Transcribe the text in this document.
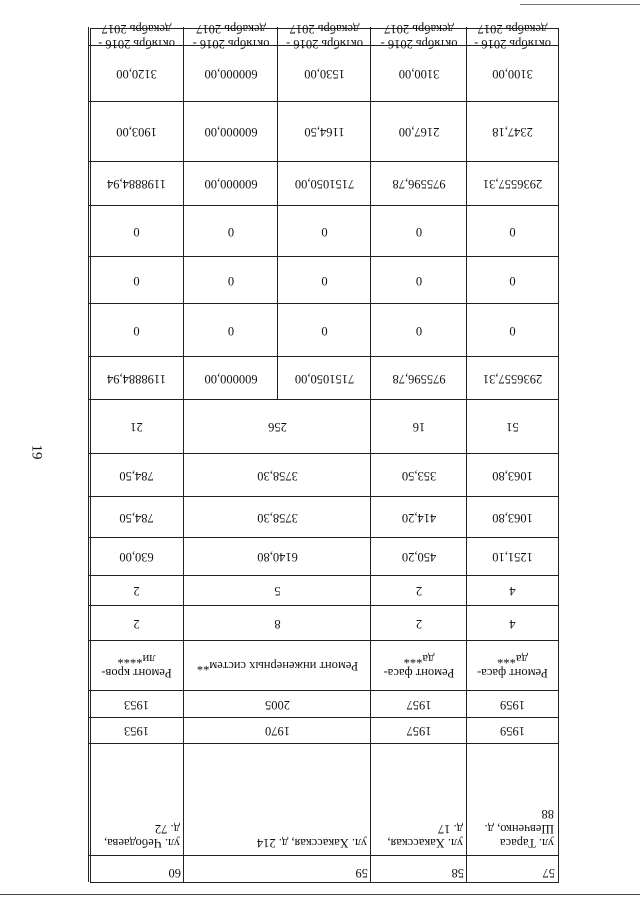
19
57
ул. Тараса Шевченко, д. 88
1959
1959
Ремонт фаса-да***
4
4
1251,10
1063,80
1063,80
51
2936557,31
0
0
0
2936557,31
2347,18
3100,00
октябрь 2016 - декабрь 2017
58
ул. Хакасская, д. 17
1957
1957
Ремонт фаса-да***
2
2
450,20
414,20
353,50
16
975596,78
0
0
0
975596,78
2167,00
3100,00
октябрь 2016 - декабрь 2017
59
ул. Хакасская, д. 214
1970
2005
Ремонт инженерных систем**
8
5
6140,80
3758,30
3758,30
256
7151050,00
0
0
0
7151050,00
1164,50
1530,00
октябрь 2016 - декабрь 2017
600000,00
0
0
0
600000,00
600000,00
600000,00
октябрь 2016 - декабрь 2017
60
ул. Чебодаева, д. 72
1953
1953
Ремонт кров-ли****
2
2
630,00
784,50
784,50
21
1198884,94
0
0
0
1198884,94
1903,00
3120,00
октябрь 2016 - декабрь 2017
